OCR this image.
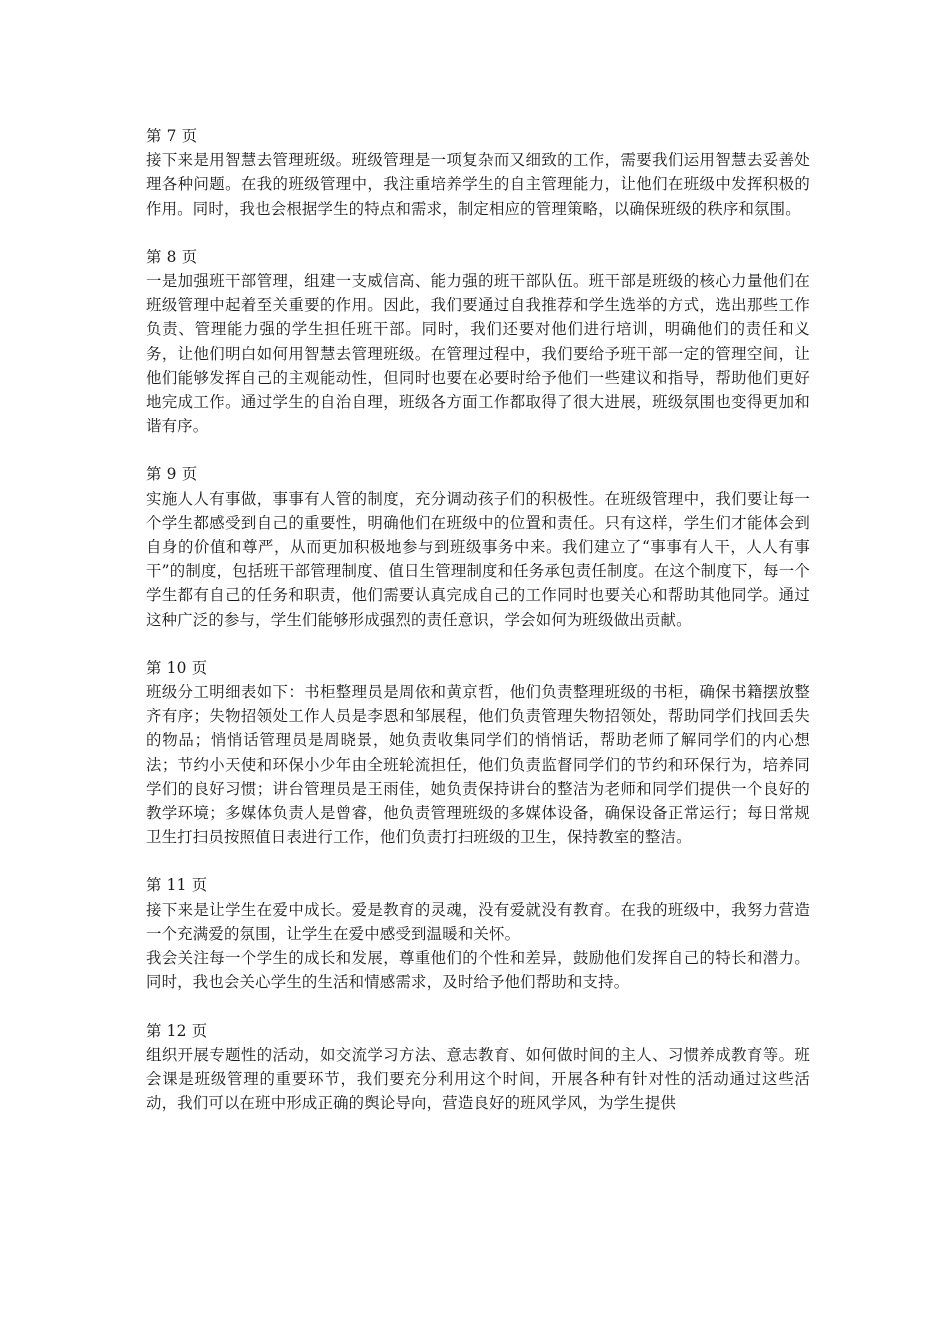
第 7 页

接下来是用智慧去管理班级。班级管理是一项复杂而又细致的工作，需要我们运用智慧去妥善处理各种问题。在我的班级管理中，我注重培养学生的自主管理能力，让他们在班级中发挥积极的作用。同时，我也会根据学生的特点和需求，制定相应的管理策略，以确保班级的秩序和氛围。

第 8 页

一是加强班干部管理，组建一支威信高、能力强的班干部队伍。班干部是班级的核心力量他们在班级管理中起着至关重要的作用。因此，我们要通过自我推荐和学生选举的方式，选出那些工作负责、管理能力强的学生担任班干部。同时，我们还要对他们进行培训，明确他们的责任和义务，让他们明白如何用智慧去管理班级。在管理过程中，我们要给予班干部一定的管理空间，让他们能够发挥自己的主观能动性，但同时也要在必要时给予他们一些建议和指导，帮助他们更好地完成工作。通过学生的自治自理，班级各方面工作都取得了很大进展，班级氛围也变得更加和谐有序。

第 9 页

实施人人有事做，事事有人管的制度，充分调动孩子们的积极性。在班级管理中，我们要让每一个学生都感受到自己的重要性，明确他们在班级中的位置和责任。只有这样，学生们才能体会到自身的价值和尊严，从而更加积极地参与到班级事务中来。我们建立了“事事有人干，人人有事干”的制度，包括班干部管理制度、值日生管理制度和任务承包责任制度。在这个制度下，每一个学生都有自己的任务和职责，他们需要认真完成自己的工作同时也要关心和帮助其他同学。通过这种广泛的参与，学生们能够形成强烈的责任意识，学会如何为班级做出贡献。

第 10 页

班级分工明细表如下：书柜整理员是周依和黄京哲，他们负责整理班级的书柜，确保书籍摆放整齐有序；失物招领处工作人员是李恩和邹展程，他们负责管理失物招领处，帮助同学们找回丢失的物品；悄悄话管理员是周晓景，她负责收集同学们的悄悄话，帮助老师了解同学们的内心想法；节约小天使和环保小少年由全班轮流担任，他们负责监督同学们的节约和环保行为，培养同学们的良好习惯；讲台管理员是王雨佳，她负责保持讲台的整洁为老师和同学们提供一个良好的教学环境；多媒体负责人是曾睿，他负责管理班级的多媒体设备，确保设备正常运行；每日常规卫生打扫员按照值日表进行工作，他们负责打扫班级的卫生，保持教室的整洁。

第 11 页

接下来是让学生在爱中成长。爱是教育的灵魂，没有爱就没有教育。在我的班级中，我努力营造一个充满爱的氛围，让学生在爱中感受到温暖和关怀。

我会关注每一个学生的成长和发展，尊重他们的个性和差异，鼓励他们发挥自己的特长和潜力。同时，我也会关心学生的生活和情感需求，及时给予他们帮助和支持。

第 12 页

组织开展专题性的活动，如交流学习方法、意志教育、如何做时间的主人、习惯养成教育等。班会课是班级管理的重要环节，我们要充分利用这个时间，开展各种有针对性的活动通过这些活动，我们可以在班中形成正确的舆论导向，营造良好的班风学风，为学生提供
